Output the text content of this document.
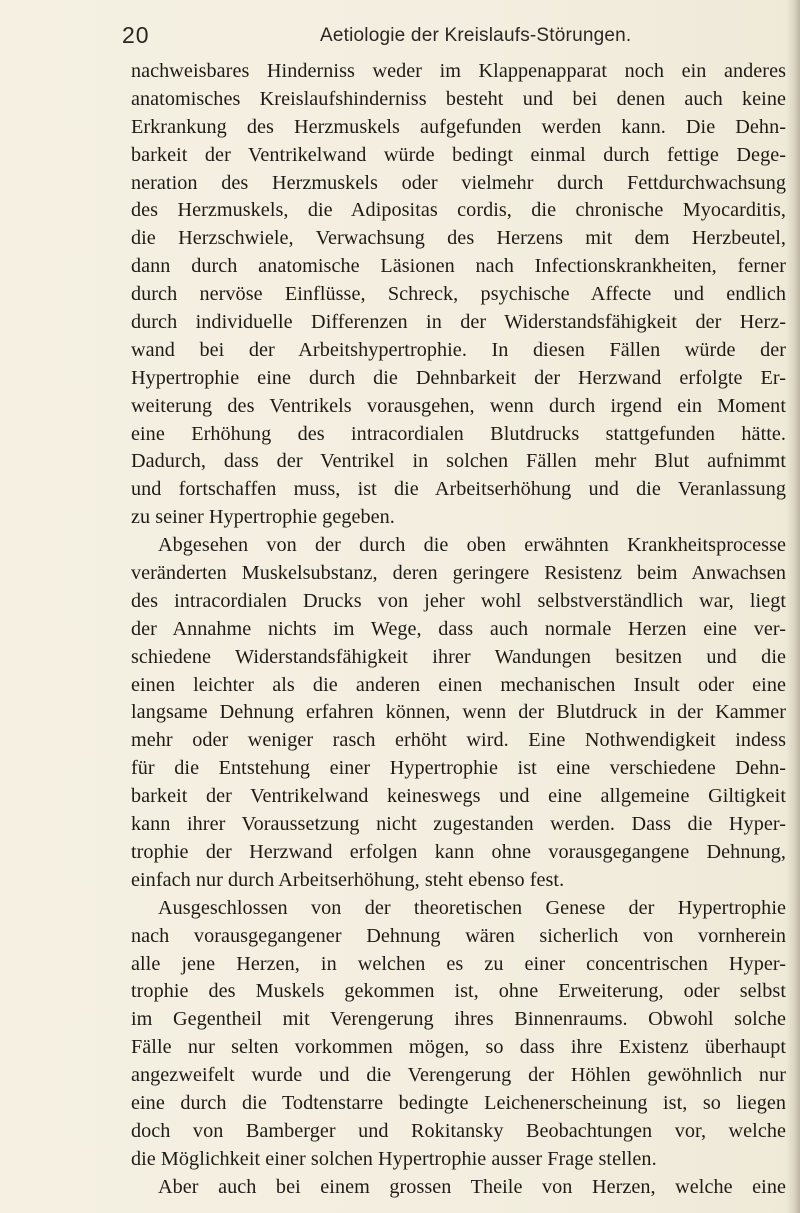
20	Aetiologie der Kreislaufs-Störungen.
nachweisbares Hinderniss weder im Klappenapparat noch ein anderes
anatomisches Kreislaufshinderniss besteht und bei denen auch keine
Erkrankung des Herzmuskels aufgefunden werden kann. Die Dehn-
barkeit der Ventrikelwand würde bedingt einmal durch fettige Dege-
neration des Herzmuskels oder vielmehr durch Fettdurchwachsung
des Herzmuskels, die Adipositas cordis, die chronische Myocarditis,
die Herzschwiele, Verwachsung des Herzens mit dem Herzbeutel,
dann durch anatomische Läsionen nach Infectionskrankheiten, ferner
durch nervöse Einflüsse, Schreck, psychische Affecte und endlich
durch individuelle Differenzen in der Widerstandsfähigkeit der Herz-
wand bei der Arbeitshypertrophie. In diesen Fällen würde der
Hypertrophie eine durch die Dehnbarkeit der Herzwand erfolgte Er-
weiterung des Ventrikels vorausgehen, wenn durch irgend ein Moment
eine Erhöhung des intracordialen Blutdrucks stattgefunden hätte.
Dadurch, dass der Ventrikel in solchen Fällen mehr Blut aufnimmt
und fortschaffen muss, ist die Arbeitserhöhung und die Veranlassung
zu seiner Hypertrophie gegeben.
Abgesehen von der durch die oben erwähnten Krankheitsprocesse
veränderten Muskelsubstanz, deren geringere Resistenz beim Anwachsen
des intracordialen Drucks von jeher wohl selbstverständlich war, liegt
der Annahme nichts im Wege, dass auch normale Herzen eine ver-
schiedene Widerstandsfähigkeit ihrer Wandungen besitzen und die
einen leichter als die anderen einen mechanischen Insult oder eine
langsame Dehnung erfahren können, wenn der Blutdruck in der Kammer
mehr oder weniger rasch erhöht wird. Eine Nothwendigkeit indess
für die Entstehung einer Hypertrophie ist eine verschiedene Dehn-
barkeit der Ventrikelwand keineswegs und eine allgemeine Giltigkeit
kann ihrer Voraussetzung nicht zugestanden werden. Dass die Hyper-
trophie der Herzwand erfolgen kann ohne vorausgegangene Dehnung,
einfach nur durch Arbeitserhöhung, steht ebenso fest.
Ausgeschlossen von der theoretischen Genese der Hypertrophie
nach vorausgegangener Dehnung wären sicherlich von vornherein
alle jene Herzen, in welchen es zu einer concentrischen Hyper-
trophie des Muskels gekommen ist, ohne Erweiterung, oder selbst
im Gegentheil mit Verengerung ihres Binnenraums. Obwohl solche
Fälle nur selten vorkommen mögen, so dass ihre Existenz überhaupt
angezweifelt wurde und die Verengerung der Höhlen gewöhnlich nur
eine durch die Todtenstarre bedingte Leichenerscheinung ist, so liegen
doch von Bamberger und Rokitansky Beobachtungen vor, welche
die Möglichkeit einer solchen Hypertrophie ausser Frage stellen.
Aber auch bei einem grossen Theile von Herzen, welche eine
